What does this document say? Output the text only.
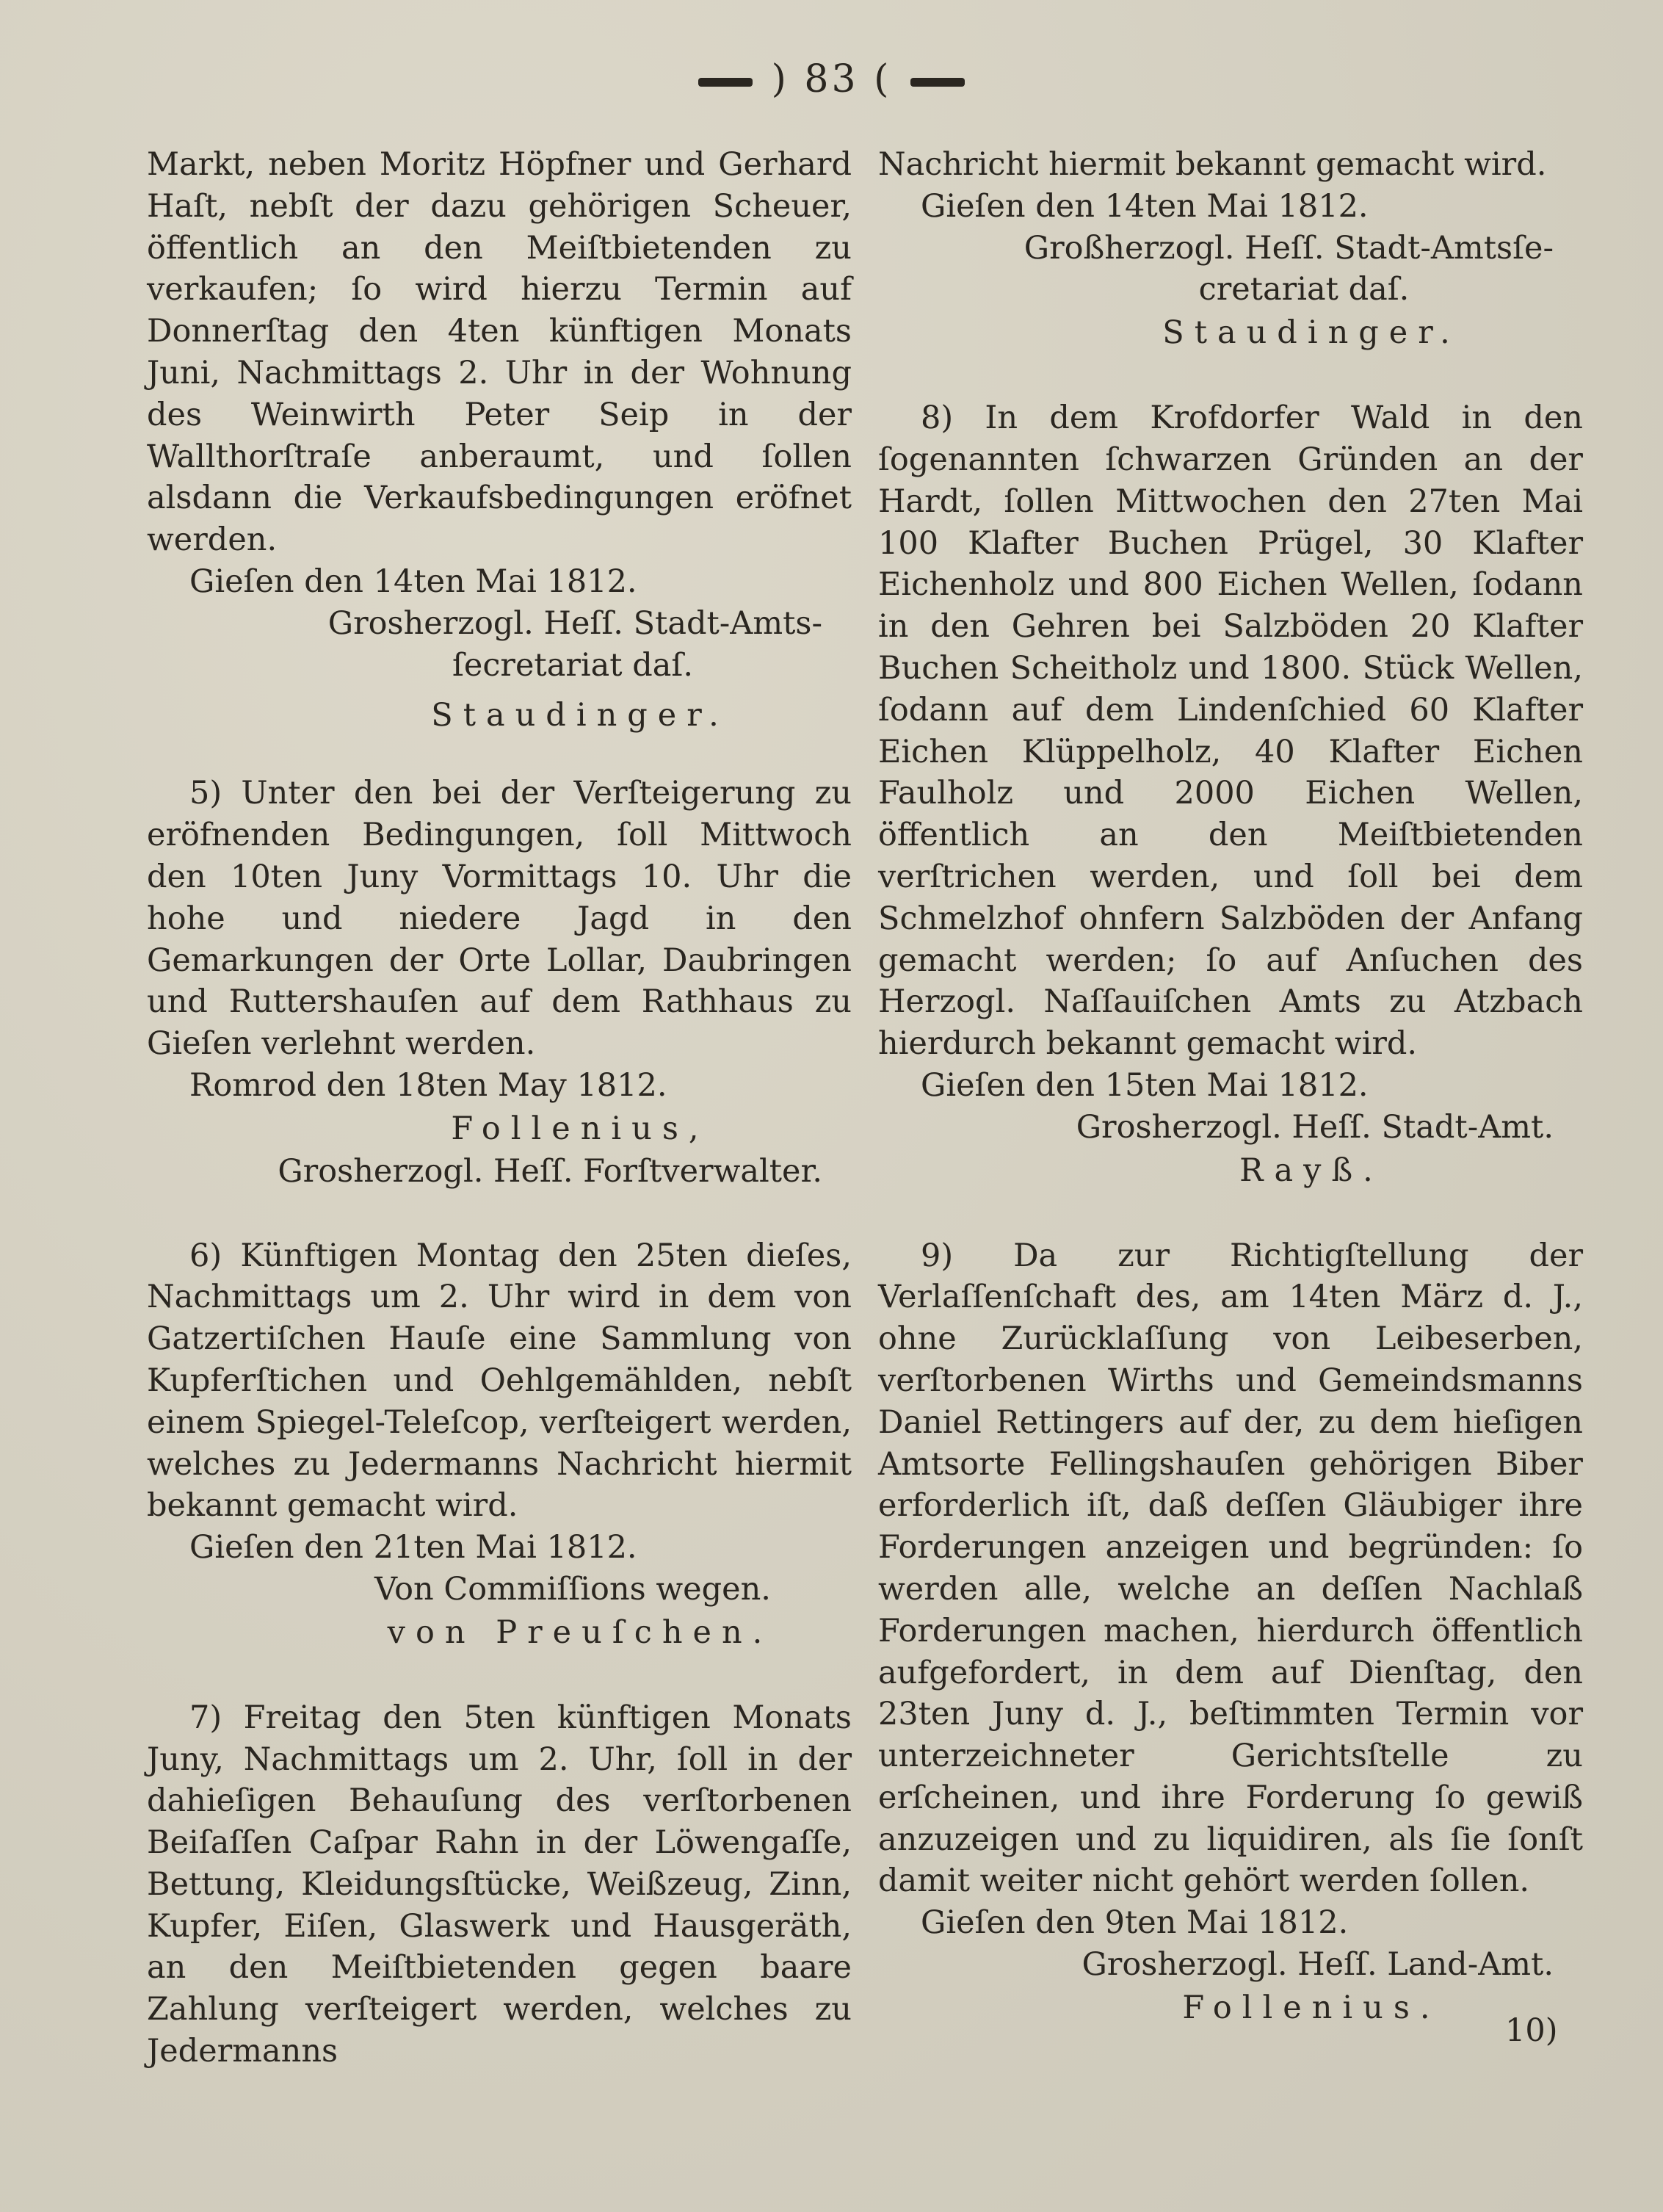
) 83 (

Markt, neben Moritz Höpfner und Gerhard Haſt, nebſt der dazu gehörigen Scheuer, öffentlich an den Meiſtbietenden zu verkaufen; ſo wird hierzu Termin auf Donnerſtag den 4ten künftigen Monats Juni, Nachmittags 2. Uhr in der Wohnung des Weinwirth Peter Seip in der Wallthorſtraſe anberaumt, und ſollen alsdann die Verkaufsbedingungen eröfnet werden.

Gieſen den 14ten Mai 1812.

Grosherzogl. Heſſ. Stadt-Amts-

ſecretariat daſ.

Staudinger.

5) Unter den bei der Verſteigerung zu eröfnenden Bedingungen, ſoll Mittwoch den 10ten Juny Vormittags 10. Uhr die hohe und niedere Jagd in den Gemarkungen der Orte Lollar, Daubringen und Ruttershauſen auf dem Rathhaus zu Gieſen verlehnt werden.

Romrod den 18ten May 1812.

Follenius,

Grosherzogl. Heſſ. Forſtverwalter.

6) Künftigen Montag den 25ten dieſes, Nachmittags um 2. Uhr wird in dem von Gatzertiſchen Hauſe eine Sammlung von Kupferſtichen und Oehlgemählden, nebſt einem Spiegel-Teleſcop, verſteigert werden, welches zu Jedermanns Nachricht hiermit bekannt gemacht wird.

Gieſen den 21ten Mai 1812.

Von Commiſſions wegen.

von Preuſchen.

7) Freitag den 5ten künftigen Monats Juny, Nachmittags um 2. Uhr, ſoll in der dahieſigen Behauſung des verſtorbenen Beiſaſſen Caſpar Rahn in der Löwengaſſe, Bettung, Kleidungsſtücke, Weißzeug, Zinn, Kupfer, Eiſen, Glaswerk und Hausgeräth, an den Meiſtbietenden gegen baare Zahlung verſteigert werden, welches zu Jedermanns

Nachricht hiermit bekannt gemacht wird.

Gieſen den 14ten Mai 1812.

Großherzogl. Heſſ. Stadt-Amtsſe-

cretariat daſ.

Staudinger.

8) In dem Krofdorfer Wald in den ſogenannten ſchwarzen Gründen an der Hardt, ſollen Mittwochen den 27ten Mai 100 Klafter Buchen Prügel, 30 Klafter Eichenholz und 800 Eichen Wellen, ſodann in den Gehren bei Salzböden 20 Klafter Buchen Scheitholz und 1800. Stück Wellen, ſodann auf dem Lindenſchied 60 Klafter Eichen Klüppelholz, 40 Klafter Eichen Faulholz und 2000 Eichen Wellen, öffentlich an den Meiſtbietenden verſtrichen werden, und ſoll bei dem Schmelzhof ohnfern Salzböden der Anfang gemacht werden; ſo auf Anſuchen des Herzogl. Naſſauiſchen Amts zu Atzbach hierdurch bekannt gemacht wird.

Gieſen den 15ten Mai 1812.

Grosherzogl. Heſſ. Stadt-Amt.

Rayß.

9) Da zur Richtigſtellung der Verlaſſenſchaft des, am 14ten März d. J., ohne Zurücklaſſung von Leibeserben, verſtorbenen Wirths und Gemeindsmanns Daniel Rettingers auf der, zu dem hieſigen Amtsorte Fellingshauſen gehörigen Biber erforderlich iſt, daß deſſen Gläubiger ihre Forderungen anzeigen und begründen: ſo werden alle, welche an deſſen Nachlaß Forderungen machen, hierdurch öffentlich aufgefordert, in dem auf Dienſtag, den 23ten Juny d. J., beſtimmten Termin vor unterzeichneter Gerichtsſtelle zu erſcheinen, und ihre Forderung ſo gewiß anzuzeigen und zu liquidiren, als ſie ſonſt damit weiter nicht gehört werden ſollen.

Gieſen den 9ten Mai 1812.

Grosherzogl. Heſſ. Land-Amt.

Follenius.

10)
